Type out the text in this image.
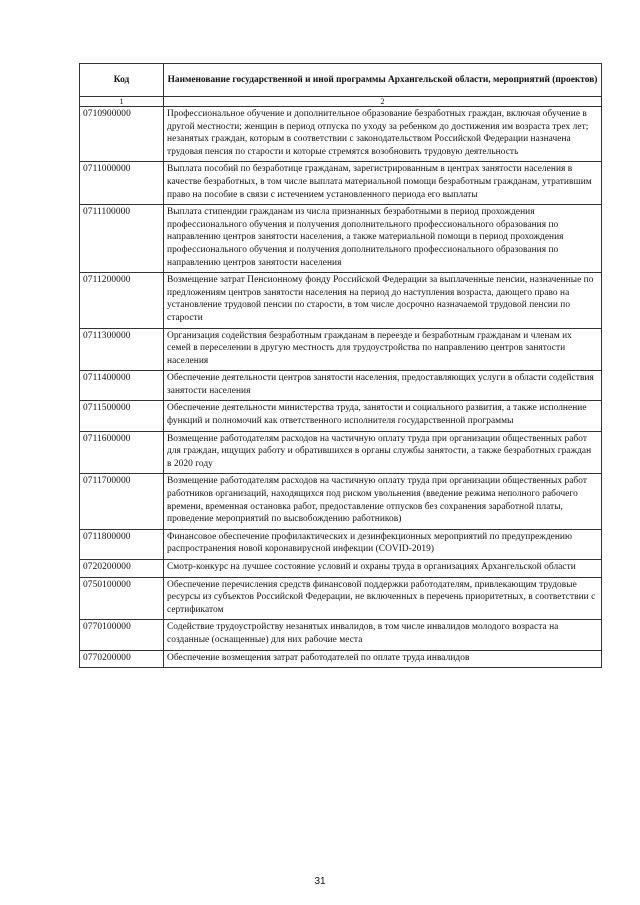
Код	Наименование государственной и иной программы Архангельской области, мероприятий (проектов)
1	2
0710900000	Профессиональное обучение и дополнительное образование безработных граждан, включая обучение в другой местности; женщин в период отпуска по уходу за ребенком до достижения им возраста трех лет; незанятых граждан, которым в соответствии с законодательством Российской Федерации назначена трудовая пенсия по старости и которые стремятся возобновить трудовую деятельность
0711000000	Выплата пособий по безработице гражданам, зарегистрированным в центрах занятости населения в качестве безработных, в том числе выплата материальной помощи безработным гражданам, утратившим право на пособие в связи с истечением установленного периода его выплаты
0711100000	Выплата стипендии гражданам из числа признанных безработными в период прохождения профессионального обучения и получения дополнительного профессионального образования по направлению центров занятости населения, а также материальной помощи в период прохождения профессионального обучения и получения дополнительного профессионального образования по направлению центров занятости населения
0711200000	Возмещение затрат Пенсионному фонду Российской Федерации за выплаченные пенсии, назначенные по предложениям центров занятости населения на период до наступления возраста, дающего право на установление трудовой пенсии по старости, в том числе досрочно назначаемой трудовой пенсии по старости
0711300000	Организация содействия безработным гражданам в переезде и безработным гражданам и членам их семей в переселении в другую местность для трудоустройства по направлению центров занятости населения
0711400000	Обеспечение деятельности центров занятости населения, предоставляющих услуги в области содействия занятости населения
0711500000	Обеспечение деятельности министерства труда, занятости и социального развития, а также исполнение функций и полномочий как ответственного исполнителя государственной программы
0711600000	Возмещение работодателям расходов на частичную оплату труда при организации общественных работ для граждан, ищущих работу и обратившихся в органы службы занятости, а также безработных граждан в 2020 году
0711700000	Возмещение работодателям расходов на частичную оплату труда при организации общественных работ работников организаций, находящихся под риском увольнения (введение режима неполного рабочего времени, временная остановка работ, предоставление отпусков без сохранения заработной платы, проведение мероприятий по высвобождению работников)
0711800000	Финансовое обеспечение профилактических и дезинфекционных мероприятий по предупреждению распространения новой коронавирусной инфекции (COVID-2019)
0720200000	Смотр-конкурс на лучшее состояние условий и охраны труда в организациях Архангельской области
0750100000	Обеспечение перечисления средств финансовой поддержки работодателям, привлекающим трудовые ресурсы из субъектов Российской Федерации, не включенных в перечень приоритетных, в соответствии с сертификатом
0770100000	Содействие трудоустройству незанятых инвалидов, в том числе инвалидов молодого возраста на созданные (оснащенные) для них рабочие места
0770200000	Обеспечение возмещения затрат работодателей по оплате труда инвалидов
31
